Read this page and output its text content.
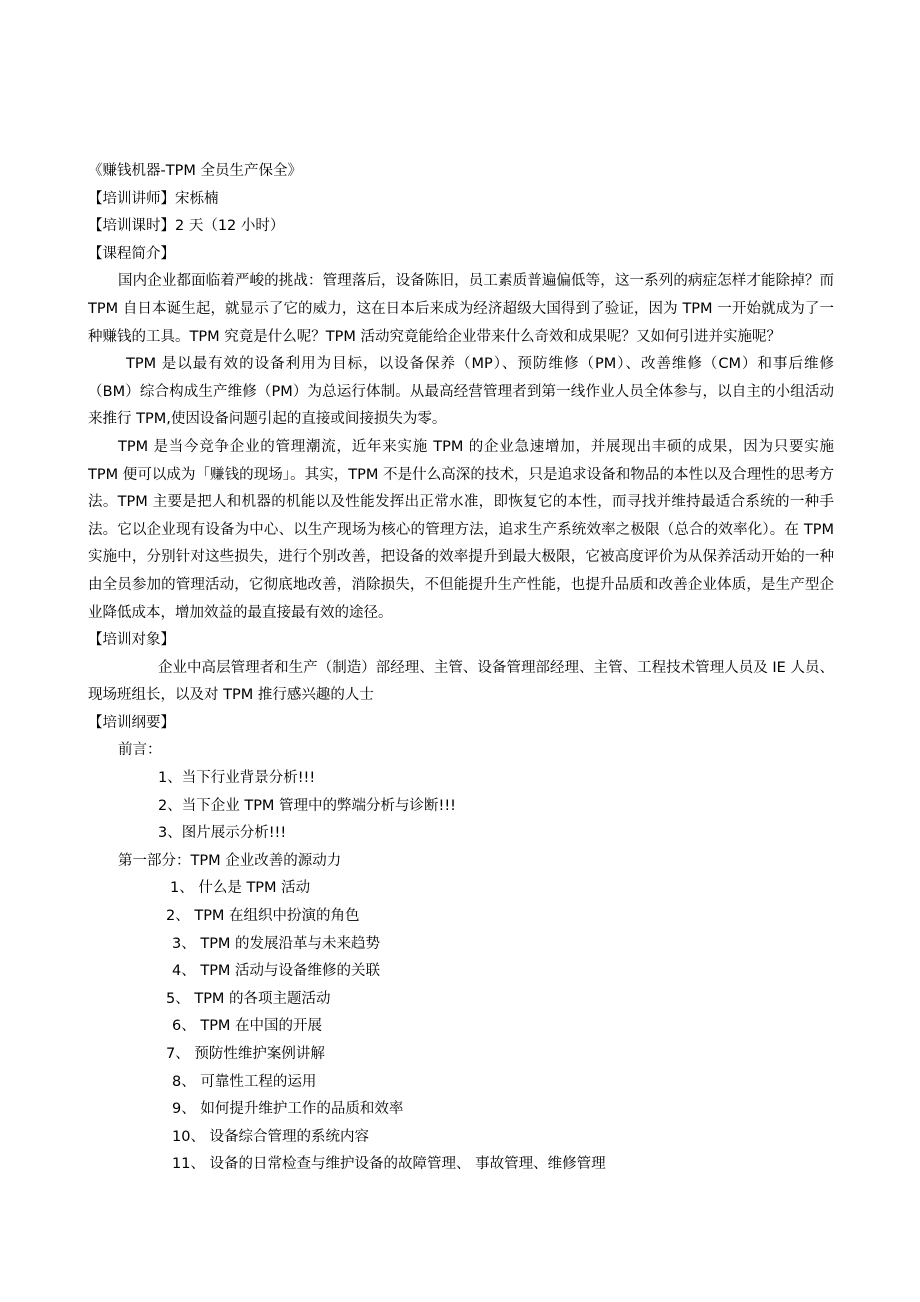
《赚钱机器-TPM 全员生产保全》
【培训讲师】宋栎楠
【培训课时】2 天（12 小时）
【课程简介】
国内企业都面临着严峻的挑战：管理落后，设备陈旧，员工素质普遍偏低等，这一系列的病症怎样才能除掉？而 TPM 自日本诞生起，就显示了它的威力，这在日本后来成为经济超级大国得到了验证，因为 TPM 一开始就成为了一种赚钱的工具。TPM 究竟是什么呢？TPM 活动究竟能给企业带来什么奇效和成果呢？又如何引进并实施呢？
TPM 是以最有效的设备利用为目标，以设备保养（MP）、预防维修（PM）、改善维修（CM）和事后维修（BM）综合构成生产维修（PM）为总运行体制。从最高经营管理者到第一线作业人员全体参与，以自主的小组活动来推行 TPM,使因设备问题引起的直接或间接损失为零。
TPM 是当今竞争企业的管理潮流，近年来实施 TPM 的企业急速增加，并展现出丰硕的成果，因为只要实施 TPM 便可以成为「赚钱的现场」。其实，TPM 不是什么高深的技术，只是追求设备和物品的本性以及合理性的思考方法。TPM 主要是把人和机器的机能以及性能发挥出正常水准，即恢复它的本性，而寻找并维持最适合系统的一种手法。它以企业现有设备为中心、以生产现场为核心的管理方法，追求生产系统效率之极限（总合的效率化）。在 TPM 实施中，分别针对这些损失，进行个别改善，把设备的效率提升到最大极限，它被高度评价为从保养活动开始的一种由全员参加的管理活动，它彻底地改善，消除损失，不但能提升生产性能，也提升品质和改善企业体质，是生产型企业降低成本，增加效益的最直接最有效的途径。
【培训对象】
企业中高层管理者和生产（制造）部经理、主管、设备管理部经理、主管、工程技术管理人员及 IE 人员、现场班组长，以及对 TPM 推行感兴趣的人士
【培训纲要】
前言：
1、当下行业背景分析!!!
2、当下企业 TPM 管理中的弊端分析与诊断!!!
3、图片展示分析!!!
第一部分：TPM 企业改善的源动力
1、 什么是 TPM 活动
2、 TPM 在组织中扮演的角色
3、 TPM 的发展沿革与未来趋势
4、 TPM 活动与设备维修的关联
5、 TPM 的各项主题活动
6、 TPM 在中国的开展
7、 预防性维护案例讲解
8、 可靠性工程的运用
9、 如何提升维护工作的品质和效率
10、 设备综合管理的系统内容
11、 设备的日常检查与维护设备的故障管理、 事故管理、维修管理
